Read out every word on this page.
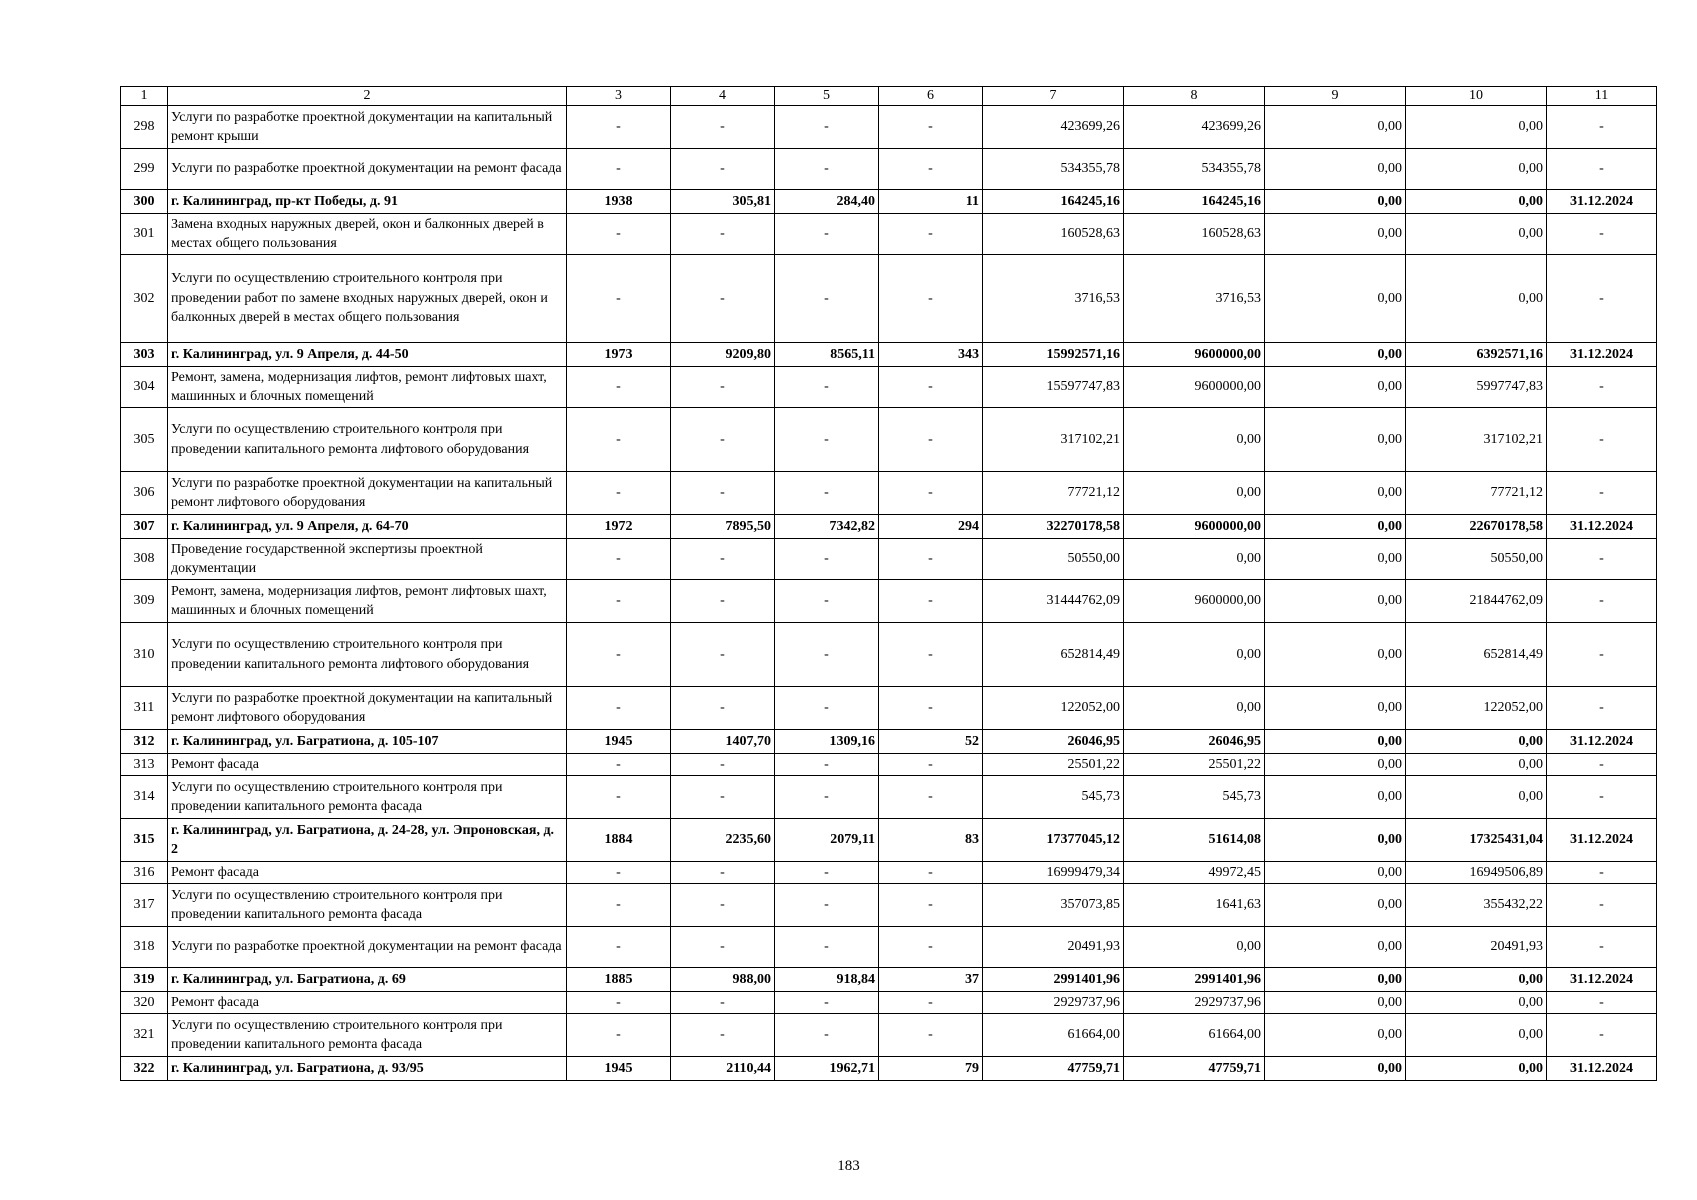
1	2	3	4	5	6	7	8	9	10	11
298	Услуги по разработке проектной документации на капитальный ремонт крыши	-	-	-	-	423699,26	423699,26	0,00	0,00	-
299	Услуги по разработке проектной документации на ремонт фасада	-	-	-	-	534355,78	534355,78	0,00	0,00	-
300	г. Калининград, пр-кт Победы, д. 91	1938	305,81	284,40	11	164245,16	164245,16	0,00	0,00	31.12.2024
301	Замена входных наружных дверей, окон и балконных дверей в местах общего пользования	-	-	-	-	160528,63	160528,63	0,00	0,00	-
302	Услуги по осуществлению строительного контроля при проведении работ по замене входных наружных дверей, окон и балконных дверей в местах общего пользования	-	-	-	-	3716,53	3716,53	0,00	0,00	-
303	г. Калининград, ул. 9 Апреля, д. 44-50	1973	9209,80	8565,11	343	15992571,16	9600000,00	0,00	6392571,16	31.12.2024
304	Ремонт, замена, модернизация лифтов, ремонт лифтовых шахт, машинных и блочных помещений	-	-	-	-	15597747,83	9600000,00	0,00	5997747,83	-
305	Услуги по осуществлению строительного контроля при проведении капитального ремонта лифтового оборудования	-	-	-	-	317102,21	0,00	0,00	317102,21	-
306	Услуги по разработке проектной документации на капитальный ремонт лифтового оборудования	-	-	-	-	77721,12	0,00	0,00	77721,12	-
307	г. Калининград, ул. 9 Апреля, д. 64-70	1972	7895,50	7342,82	294	32270178,58	9600000,00	0,00	22670178,58	31.12.2024
308	Проведение государственной экспертизы проектной документации	-	-	-	-	50550,00	0,00	0,00	50550,00	-
309	Ремонт, замена, модернизация лифтов, ремонт лифтовых шахт, машинных и блочных помещений	-	-	-	-	31444762,09	9600000,00	0,00	21844762,09	-
310	Услуги по осуществлению строительного контроля при проведении капитального ремонта лифтового оборудования	-	-	-	-	652814,49	0,00	0,00	652814,49	-
311	Услуги по разработке проектной документации на капитальный ремонт лифтового оборудования	-	-	-	-	122052,00	0,00	0,00	122052,00	-
312	г. Калининград, ул. Багратиона, д. 105-107	1945	1407,70	1309,16	52	26046,95	26046,95	0,00	0,00	31.12.2024
313	Ремонт фасада	-	-	-	-	25501,22	25501,22	0,00	0,00	-
314	Услуги по осуществлению строительного контроля при проведении капитального ремонта фасада	-	-	-	-	545,73	545,73	0,00	0,00	-
315	г. Калининград, ул. Багратиона, д. 24-28, ул. Эпроновская, д. 2	1884	2235,60	2079,11	83	17377045,12	51614,08	0,00	17325431,04	31.12.2024
316	Ремонт фасада	-	-	-	-	16999479,34	49972,45	0,00	16949506,89	-
317	Услуги по осуществлению строительного контроля при проведении капитального ремонта фасада	-	-	-	-	357073,85	1641,63	0,00	355432,22	-
318	Услуги по разработке проектной документации на ремонт фасада	-	-	-	-	20491,93	0,00	0,00	20491,93	-
319	г. Калининград, ул. Багратиона, д. 69	1885	988,00	918,84	37	2991401,96	2991401,96	0,00	0,00	31.12.2024
320	Ремонт фасада	-	-	-	-	2929737,96	2929737,96	0,00	0,00	-
321	Услуги по осуществлению строительного контроля при проведении капитального ремонта фасада	-	-	-	-	61664,00	61664,00	0,00	0,00	-
322	г. Калининград, ул. Багратиона, д. 93/95	1945	2110,44	1962,71	79	47759,71	47759,71	0,00	0,00	31.12.2024
183
